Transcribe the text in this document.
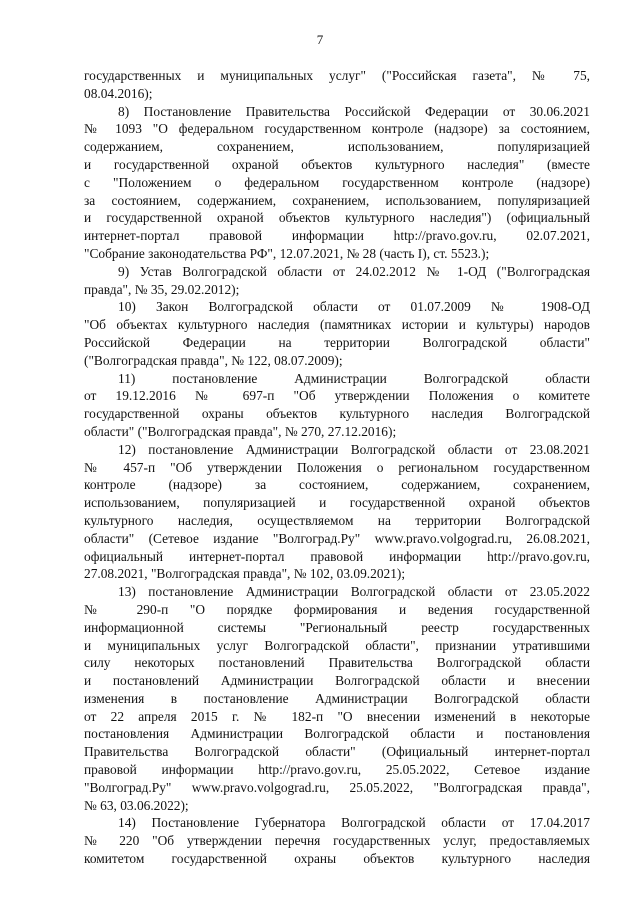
7

государственных и муниципальных услуг" ("Российская газета", № 75,
08.04.2016);

8) Постановление Правительства Российской Федерации от 30.06.2021
№ 1093 "О федеральном государственном контроле (надзоре) за состоянием,
содержанием, сохранением, использованием, популяризацией
и государственной охраной объектов культурного наследия" (вместе
с "Положением о федеральном государственном контроле (надзоре)
за состоянием, содержанием, сохранением, использованием, популяризацией
и государственной охраной объектов культурного наследия") (официальный
интернет-портал правовой информации http://pravo.gov.ru, 02.07.2021,
"Собрание законодательства РФ", 12.07.2021, № 28 (часть I), ст. 5523.);

9) Устав Волгоградской области от 24.02.2012 № 1-ОД ("Волгоградская
правда", № 35, 29.02.2012);

10) Закон Волгоградской области от 01.07.2009 № 1908-ОД
"Об объектах культурного наследия (памятниках истории и культуры) народов
Российской Федерации на территории Волгоградской области"
("Волгоградская правда", № 122, 08.07.2009);

11) постановление Администрации Волгоградской области
от 19.12.2016 № 697-п "Об утверждении Положения о комитете
государственной охраны объектов культурного наследия Волгоградской
области" ("Волгоградская правда", № 270, 27.12.2016);

12) постановление Администрации Волгоградской области от 23.08.2021
№ 457-п "Об утверждении Положения о региональном государственном
контроле (надзоре) за состоянием, содержанием, сохранением,
использованием, популяризацией и государственной охраной объектов
культурного наследия, осуществляемом на территории Волгоградской
области" (Сетевое издание "Волгоград.Ру" www.pravo.volgograd.ru, 26.08.2021,
официальный интернет-портал правовой информации http://pravo.gov.ru,
27.08.2021, "Волгоградская правда", № 102, 03.09.2021);

13) постановление Администрации Волгоградской области от 23.05.2022
№ 290-п "О порядке формирования и ведения государственной
информационной системы "Региональный реестр государственных
и муниципальных услуг Волгоградской области", признании утратившими
силу некоторых постановлений Правительства Волгоградской области
и постановлений Администрации Волгоградской области и внесении
изменения в постановление Администрации Волгоградской области
от 22 апреля 2015 г. № 182-п "О внесении изменений в некоторые
постановления Администрации Волгоградской области и постановления
Правительства Волгоградской области" (Официальный интернет-портал
правовой информации http://pravo.gov.ru, 25.05.2022, Сетевое издание
"Волгоград.Ру" www.pravo.volgograd.ru, 25.05.2022, "Волгоградская правда",
№ 63, 03.06.2022);

14) Постановление Губернатора Волгоградской области от 17.04.2017
№ 220 "Об утверждении перечня государственных услуг, предоставляемых
комитетом государственной охраны объектов культурного наследия
